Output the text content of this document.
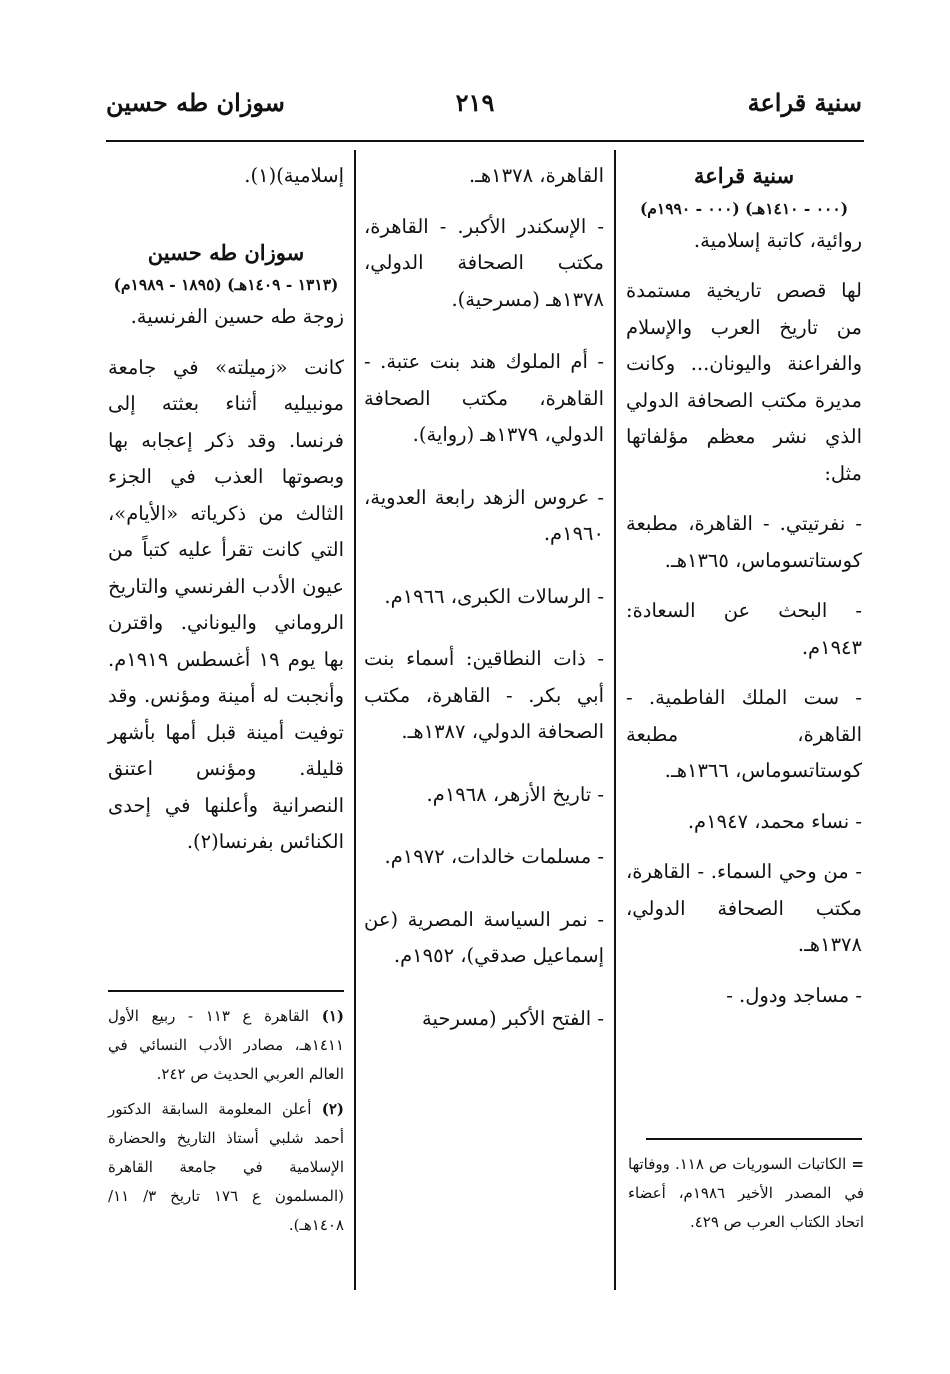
سنية قراعة
٢١٩
سوزان طه حسين

سنية قراعة

(٠٠٠ - ١٤١٠هـ) (٠٠٠ - ١٩٩٠م)

روائية، كاتبة إسلامية.

لها قصص تاريخية مستمدة من تاريخ العرب والإسلام والفراعنة واليونان... وكانت مديرة مكتب الصحافة الدولي الذي نشر معظم مؤلفاتها مثل:

- نفرتيتي. - القاهرة، مطبعة كوستاتسوماس، ١٣٦٥هـ.

- البحث عن السعادة: ١٩٤٣م.

- ست الملك الفاطمية. - القاهرة، مطبعة كوستاتسوماس، ١٣٦٦هـ.

- نساء محمد، ١٩٤٧م.

- من وحي السماء. - القاهرة، مكتب الصحافة الدولي، ١٣٧٨هـ.

- مساجد ودول. -

= الكاتبات السوريات ص ١١٨. ووفاتها في المصدر الأخير ١٩٨٦م، أعضاء اتحاد الكتاب العرب ص ٤٢٩.

القاهرة، ١٣٧٨هـ.

- الإسكندر الأكبر. - القاهرة، مكتب الصحافة الدولي، ١٣٧٨هـ (مسرحية).

- أم الملوك هند بنت عتبة. - القاهرة، مكتب الصحافة الدولي، ١٣٧٩هـ (رواية).

- عروس الزهد رابعة العدوية، ١٩٦٠م.

- الرسالات الكبرى، ١٩٦٦م.

- ذات النطاقين: أسماء بنت أبي بكر. - القاهرة، مكتب الصحافة الدولي، ١٣٨٧هـ.

- تاريخ الأزهر، ١٩٦٨م.

- مسلمات خالدات، ١٩٧٢م.

- نمر السياسة المصرية (عن إسماعيل صدقي)، ١٩٥٢م.

- الفتح الأكبر (مسرحية

إسلامية)(١).

سوزان طه حسين

(١٣١٣ - ١٤٠٩هـ) (١٨٩٥ - ١٩٨٩م)

زوجة طه حسين الفرنسية.

كانت «زميلته» في جامعة مونبيليه أثناء بعثته إلى فرنسا. وقد ذكر إعجابه بها وبصوتها العذب في الجزء الثالث من ذكرياته «الأيام»، التي كانت تقرأ عليه كتباً من عيون الأدب الفرنسي والتاريخ الروماني واليوناني. واقترن بها يوم ١٩ أغسطس ١٩١٩م. وأنجبت له أمينة ومؤنس. وقد توفيت أمينة قبل أمها بأشهر قليلة. ومؤنس اعتنق النصرانية وأعلنها في إحدى الكنائس بفرنسا(٢).

(١) القاهرة ع ١١٣ - ربيع الأول ١٤١١هـ، مصادر الأدب النسائي في العالم العربي الحديث ص ٢٤٢.

(٢) أعلن المعلومة السابقة الدكتور أحمد شلبي أستاذ التاريخ والحضارة الإسلامية في جامعة القاهرة (المسلمون ع ١٧٦ تاريخ ٣/ ١١/ ١٤٠٨هـ).
